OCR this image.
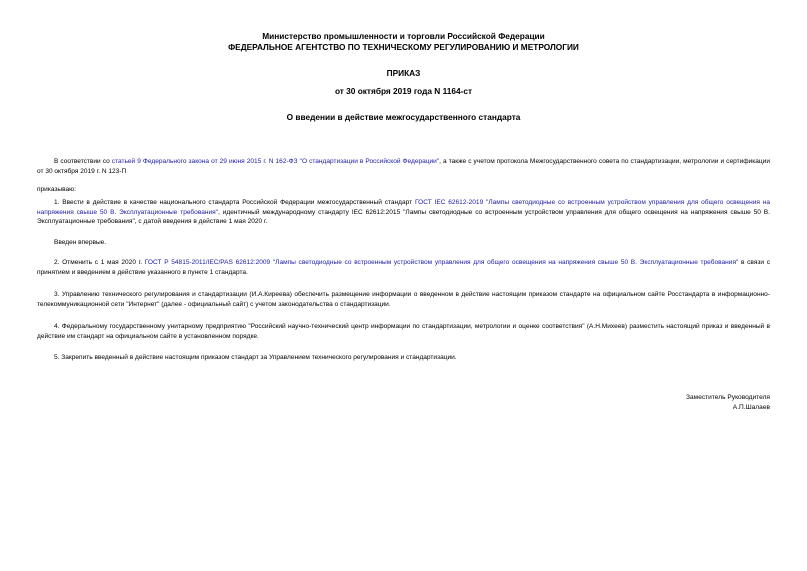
Министерство промышленности и торговли Российской Федерации
ФЕДЕРАЛЬНОЕ АГЕНТСТВО ПО ТЕХНИЧЕСКОМУ РЕГУЛИРОВАНИЮ И МЕТРОЛОГИИ
ПРИКАЗ
от 30 октября 2019 года N 1164-ст
О введении в действие межгосударственного стандарта
В соответствии со статьей 9 Федерального закона от 29 июня 2015 г. N 162-ФЗ "О стандартизации в Российской Федерации", а также с учетом протокола Межгосударственного совета по стандартизации, метрологии и сертификации от 30 октября 2019 г. N 123-П
приказываю:
1. Ввести в действие в качестве национального стандарта Российской Федерации межгосударственный стандарт ГОСТ IEC 62612-2019 "Лампы светодиодные со встроенным устройством управления для общего освещения на напряжения свыше 50 В. Эксплуатационные требования", идентичный международному стандарту IEC 62612:2015 "Лампы светодиодные со встроенным устройством управления для общего освещения на напряжения свыше 50 В. Эксплуатационные требования", с датой введения в действие 1 мая 2020 г.
Введен впервые.
2. Отменить с 1 мая 2020 г. ГОСТ Р 54815-2011/IEC/PAS 62612:2009 "Лампы светодиодные со встроенным устройством управления для общего освещения на напряжения свыше 50 В. Эксплуатационные требования" в связи с принятием и введением в действие указанного в пункте 1 стандарта.
3. Управлению технического регулирования и стандартизации (И.А.Киреева) обеспечить размещение информации о введенном в действие настоящим приказом стандарте на официальном сайте Росстандарта в информационно-телекоммуникационной сети "Интернет" (далее - официальный сайт) с учетом законодательства о стандартизации.
4. Федеральному государственному унитарному предприятию "Российский научно-технический центр информации по стандартизации, метрологии и оценке соответствия" (А.Н.Михеев) разместить настоящий приказ и введенный в действие им стандарт на официальном сайте в установленном порядке.
5. Закрепить введенный в действие настоящим приказом стандарт за Управлением технического регулирования и стандартизации.
Заместитель Руководителя
А.П.Шалаев
